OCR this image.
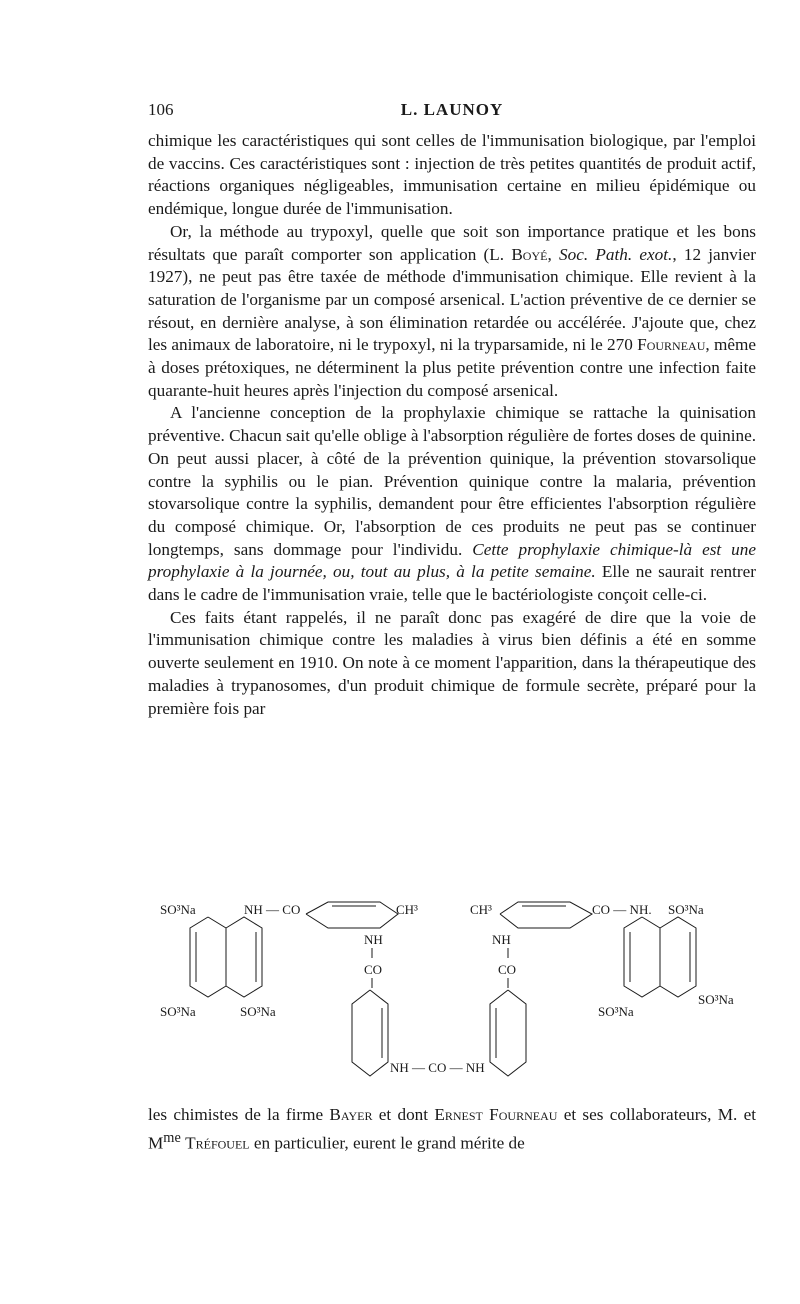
106	L. LAUNOY

chimique les caractéristiques qui sont celles de l'immunisation biologique, par l'emploi de vaccins. Ces caractéristiques sont : injection de très petites quantités de produit actif, réactions organiques négligeables, immunisation certaine en milieu épidémique ou endémique, longue durée de l'immunisation.

Or, la méthode au trypoxyl, quelle que soit son importance pratique et les bons résultats que paraît comporter son application (L. Boyé, Soc. Path. exot., 12 janvier 1927), ne peut pas être taxée de méthode d'immunisation chimique. Elle revient à la saturation de l'organisme par un composé arsenical. L'action préventive de ce dernier se résout, en dernière analyse, à son élimination retardée ou accélérée. J'ajoute que, chez les animaux de laboratoire, ni le trypoxyl, ni la tryparsamide, ni le 270 Fourneau, même à doses prétoxiques, ne déterminent la plus petite prévention contre une infection faite quarante-huit heures après l'injection du composé arsenical.

A l'ancienne conception de la prophylaxie chimique se rattache la quinisation préventive. Chacun sait qu'elle oblige à l'absorption régulière de fortes doses de quinine. On peut aussi placer, à côté de la prévention quinique, la prévention stovarsolique contre la syphilis ou le pian. Prévention quinique contre la malaria, prévention stovarsolique contre la syphilis, demandent pour être efficientes l'absorption régulière du composé chimique. Or, l'absorption de ces produits ne peut pas se continuer longtemps, sans dommage pour l'individu. Cette prophylaxie chimique-là est une prophylaxie à la journée, ou, tout au plus, à la petite semaine. Elle ne saurait rentrer dans le cadre de l'immunisation vraie, telle que le bactériologiste conçoit celle-ci.

Ces faits étant rappelés, il ne paraît donc pas exagéré de dire que la voie de l'immunisation chimique contre les maladies à virus bien définis a été en somme ouverte seulement en 1910. On note à ce moment l'apparition, dans la thérapeutique des maladies à trypanosomes, d'un produit chimique de formule secrète, préparé pour la première fois par

SO³Na	NH — CO
SO³Na	SO³Na
CH³
NH
CO
NH — CO — NH
NH
CO
CH³	CO — NH. SO³Na
SO³Na
SO³Na

les chimistes de la firme Bayer et dont Ernest Fourneau et ses collaborateurs, M. et $M^{me}$ Tréfouel en particulier, eurent le grand mérite de
